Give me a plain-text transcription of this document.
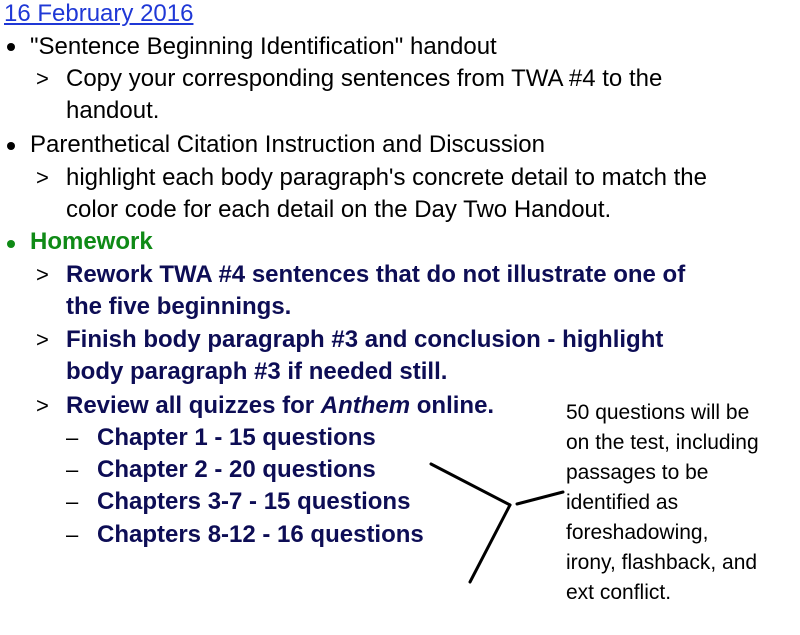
16 February 2016
"Sentence Beginning Identification" handout
> Copy your corresponding sentences from TWA #4 to the
handout.
Parenthetical Citation Instruction and Discussion
> highlight each body paragraph's concrete detail to match the
color code for each detail on the Day Two Handout.
Homework
> Rework TWA #4 sentences that do not illustrate one of
the five beginnings.
> Finish body paragraph #3 and conclusion - highlight
body paragraph #3 if needed still.
> Review all quizzes for Anthem online.
– Chapter 1 - 15 questions
– Chapter 2 - 20 questions
– Chapters 3-7 - 15 questions
– Chapters 8-12 - 16 questions
50 questions will be
on the test, including
passages to be
identified as
foreshadowing,
irony, flashback, and
ext conflict.
